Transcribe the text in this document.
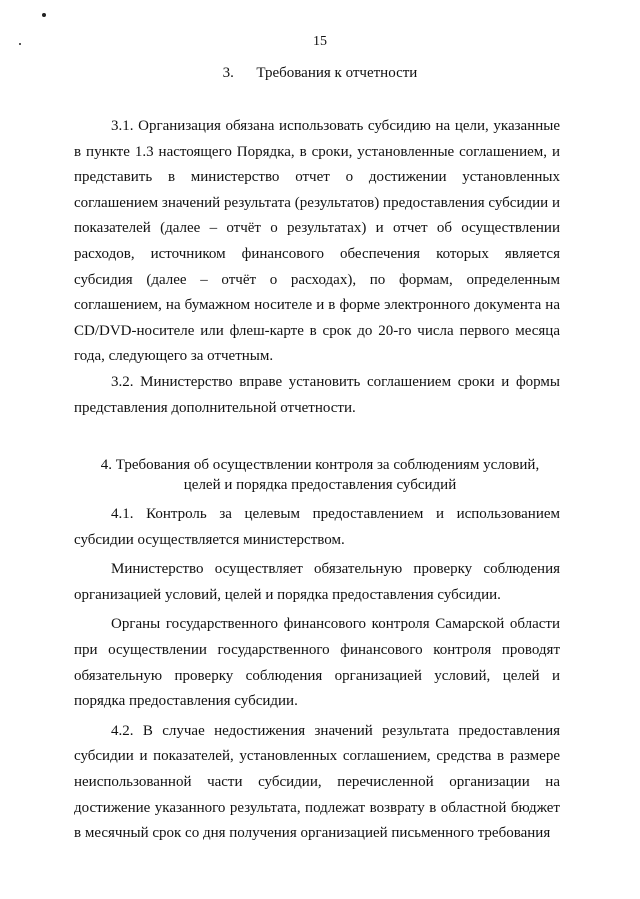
15
3.      Требования к отчетности

3.1. Организация обязана использовать субсидию на цели, указанные в пункте 1.3 настоящего Порядка, в сроки, установленные соглашением, и представить в министерство отчет о достижении установленных соглашением значений результата (результатов) предоставления субсидии и показателей (далее – отчёт о результатах) и отчет об осуществлении расходов, источником финансового обеспечения которых является субсидия (далее – отчёт о расходах), по формам, определенным соглашением, на бумажном носителе и в форме электронного документа на CD/DVD-носителе или флеш-карте в срок до 20-го числа первого месяца года, следующего за отчетным.

3.2. Министерство вправе установить соглашением сроки и формы представления дополнительной отчетности.

4. Требования об осуществлении контроля за соблюдениям условий,
целей и порядка предоставления субсидий

4.1. Контроль за целевым предоставлением и использованием субсидии осуществляется министерством.

Министерство осуществляет обязательную проверку соблюдения организацией условий, целей и порядка предоставления субсидии.

Органы государственного финансового контроля Самарской области при осуществлении государственного финансового контроля проводят обязательную проверку соблюдения организацией условий, целей и порядка предоставления субсидии.

4.2. В случае недостижения значений результата предоставления субсидии и показателей, установленных соглашением, средства в размере неиспользованной части субсидии, перечисленной организации на достижение указанного результата, подлежат возврату в областной бюджет в месячный срок со дня получения организацией письменного требования
